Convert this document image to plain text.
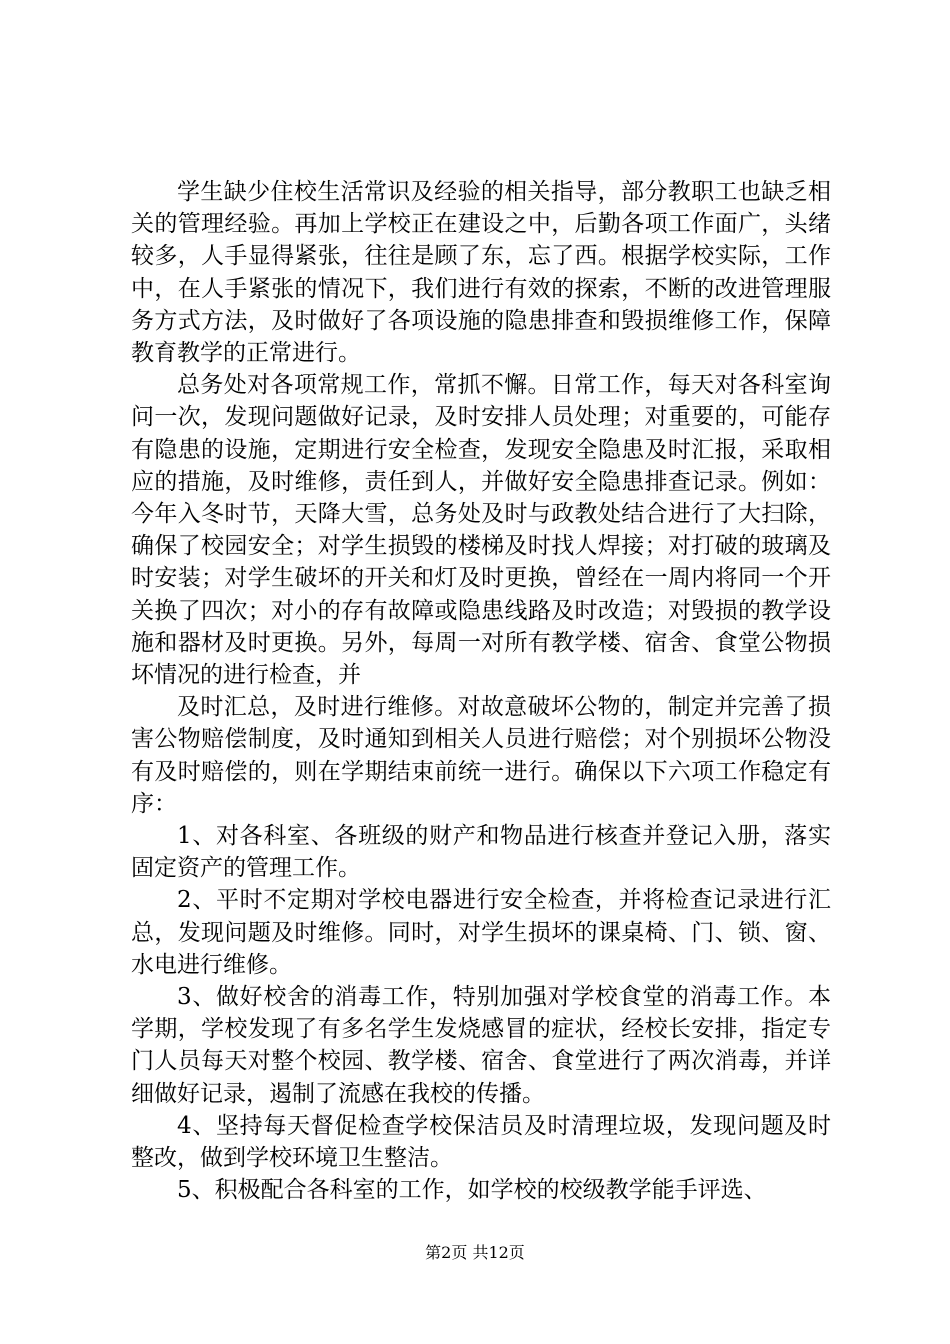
学生缺少住校生活常识及经验的相关指导，部分教职工也缺乏相关的管理经验。再加上学校正在建设之中，后勤各项工作面广，头绪较多，人手显得紧张，往往是顾了东，忘了西。根据学校实际，工作中，在人手紧张的情况下，我们进行有效的探索，不断的改进管理服务方式方法，及时做好了各项设施的隐患排查和毁损维修工作，保障教育教学的正常进行。

总务处对各项常规工作，常抓不懈。日常工作，每天对各科室询问一次，发现问题做好记录，及时安排人员处理；对重要的，可能存有隐患的设施，定期进行安全检查，发现安全隐患及时汇报，采取相应的措施，及时维修，责任到人，并做好安全隐患排查记录。例如：今年入冬时节，天降大雪，总务处及时与政教处结合进行了大扫除，确保了校园安全；对学生损毁的楼梯及时找人焊接；对打破的玻璃及时安装；对学生破坏的开关和灯及时更换，曾经在一周内将同一个开关换了四次；对小的存有故障或隐患线路及时改造；对毁损的教学设施和器材及时更换。另外，每周一对所有教学楼、宿舍、食堂公物损坏情况的进行检查，并

及时汇总，及时进行维修。对故意破坏公物的，制定并完善了损害公物赔偿制度，及时通知到相关人员进行赔偿；对个别损坏公物没有及时赔偿的，则在学期结束前统一进行。确保以下六项工作稳定有序：

1、对各科室、各班级的财产和物品进行核查并登记入册，落实固定资产的管理工作。

2、平时不定期对学校电器进行安全检查，并将检查记录进行汇总，发现问题及时维修。同时，对学生损坏的课桌椅、门、锁、窗、水电进行维修。

3、做好校舍的消毒工作，特别加强对学校食堂的消毒工作。本学期，学校发现了有多名学生发烧感冒的症状，经校长安排，指定专门人员每天对整个校园、教学楼、宿舍、食堂进行了两次消毒，并详细做好记录，遏制了流感在我校的传播。

4、坚持每天督促检查学校保洁员及时清理垃圾，发现问题及时整改，做到学校环境卫生整洁。

5、积极配合各科室的工作，如学校的校级教学能手评选、

第2页 共12页
